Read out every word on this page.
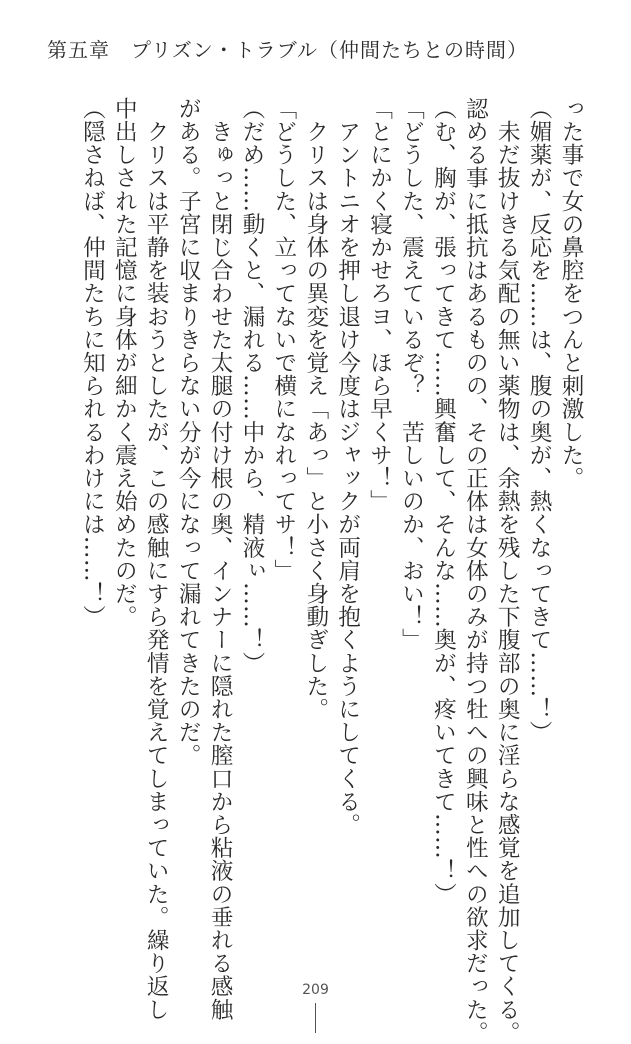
第五章　プリズン・トラブル（仲間たちとの時間）
った事で女の鼻腔をつんと刺激した。
（媚薬が、反応を……は、腹の奥が、熱くなってきて……！）
　未だ抜けきる気配の無い薬物は、余熱を残した下腹部の奥に淫らな感覚を追加してくる。
認める事に抵抗はあるものの、その正体は女体のみが持つ牡への興味と性への欲求だった。
（む、胸が、張ってきて……興奮して、そんな……奥が、疼いてきて……！）
「どうした、震えているぞ？　苦しいのか、おい！」
「とにかく寝かせろヨ、ほら早くサ！」
　アントニオを押し退け今度はジャックが両肩を抱くようにしてくる。
　クリスは身体の異変を覚え「あっ」と小さく身動ぎした。
「どうした、立ってないで横になれってサ！」
（だめ……動くと、漏れる……中から、精液ぃ……！）
　きゅっと閉じ合わせた太腿の付け根の奥、インナーに隠れた膣口から粘液の垂れる感触
がある。子宮に収まりきらない分が今になって漏れてきたのだ。
　クリスは平静を装おうとしたが、この感触にすら発情を覚えてしまっていた。繰り返し
中出しされた記憶に身体が細かく震え始めたのだ。
（隠さねば、仲間たちに知られるわけには……！）
209
